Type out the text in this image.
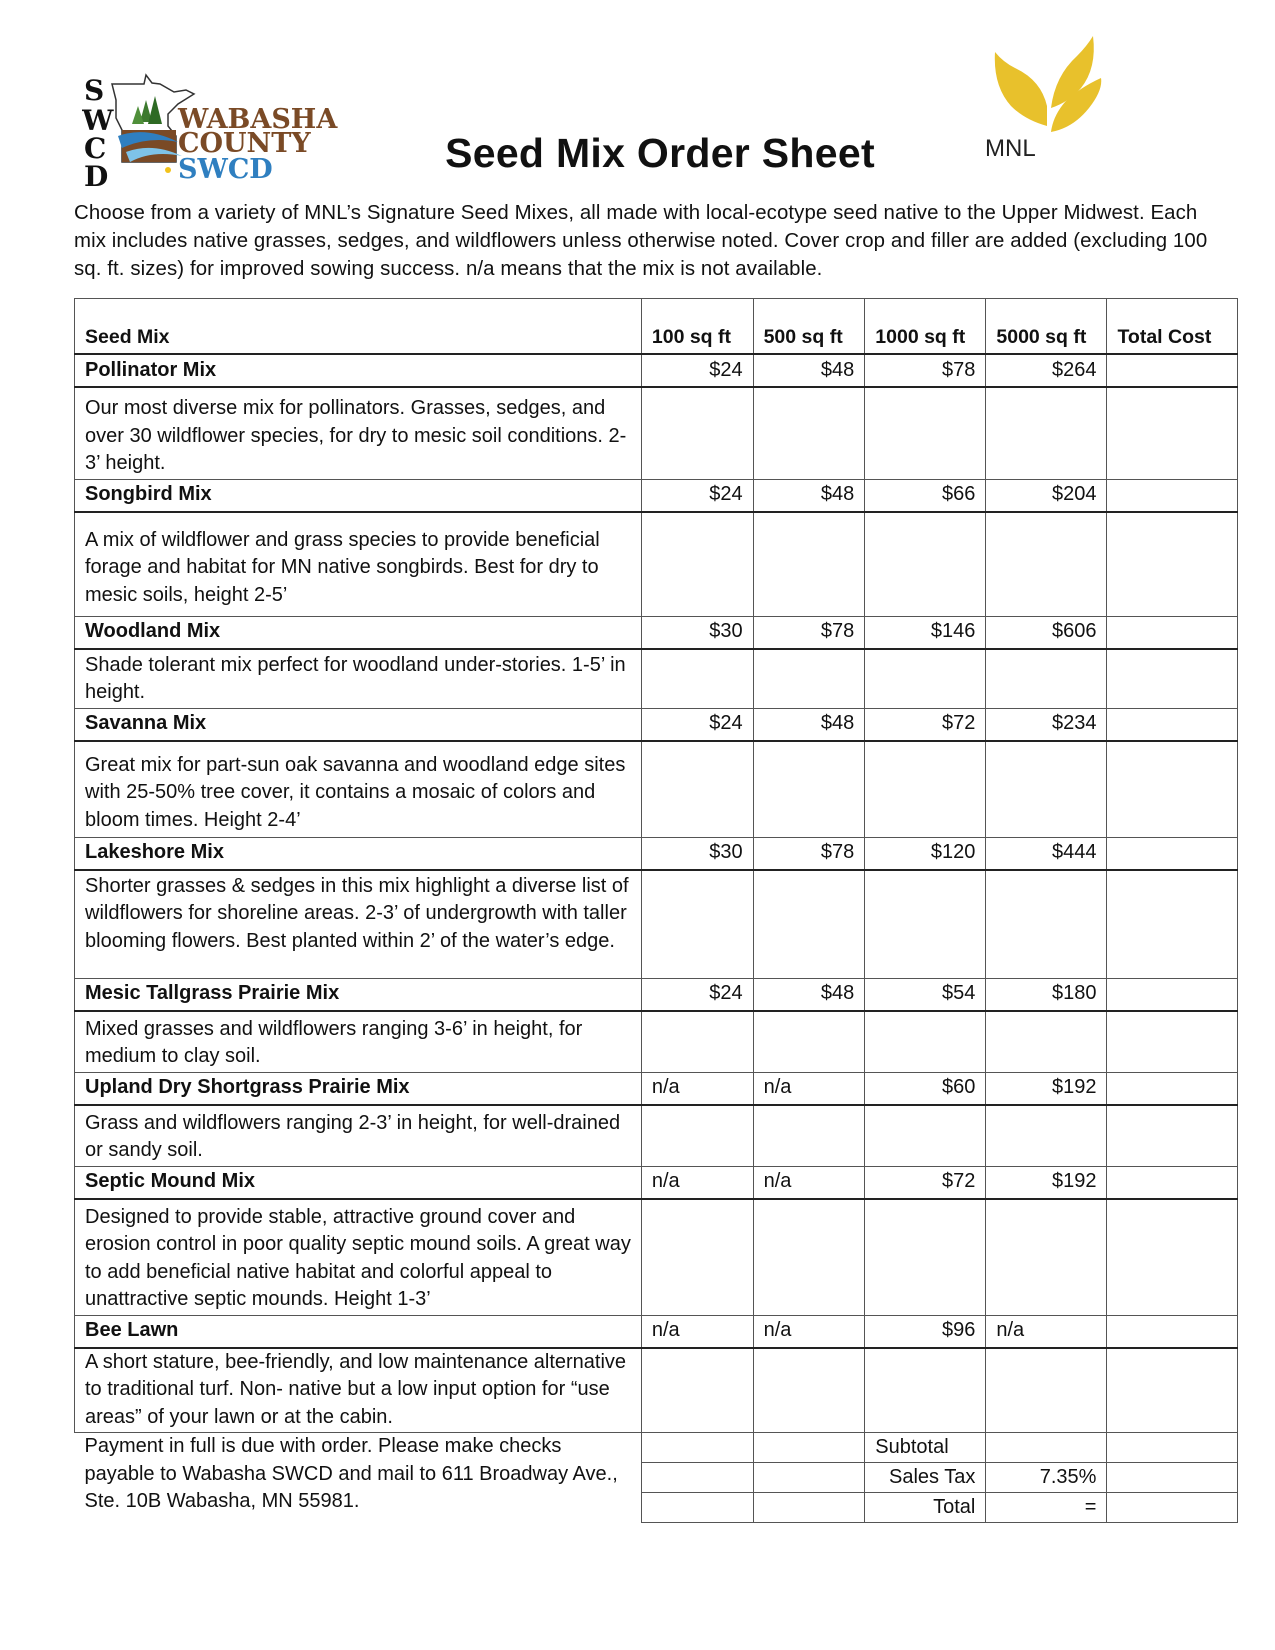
S
W
C
D
WABASHA
COUNTY
SWCD	Seed Mix Order Sheet	MNL
Choose from a variety of MNL’s Signature Seed Mixes, all made with local-ecotype seed native to the Upper Midwest. Each mix includes native grasses, sedges, and wildflowers unless otherwise noted. Cover crop and filler are added (excluding 100 sq. ft. sizes) for improved sowing success. n/a means that the mix is not available.
Seed Mix	100 sq ft	500 sq ft	1000 sq ft	5000 sq ft	Total Cost
Pollinator Mix	$24	$48	$78	$264	
Our most diverse mix for pollinators. Grasses, sedges, and over 30 wildflower species, for dry to mesic soil conditions. 2-3’ height.					
Songbird Mix	$24	$48	$66	$204	
A mix of wildflower and grass species to provide beneficial forage and habitat for MN native songbirds. Best for dry to mesic soils, height 2-5’					
Woodland Mix	$30	$78	$146	$606	
Shade tolerant mix perfect for woodland under-stories. 1-5’ in height.					
Savanna Mix	$24	$48	$72	$234	
Great mix for part-sun oak savanna and woodland edge sites with 25-50% tree cover, it contains a mosaic of colors and bloom times. Height 2-4’					
Lakeshore Mix	$30	$78	$120	$444	
Shorter grasses & sedges in this mix highlight a diverse list of wildflowers for shoreline areas. 2-3’ of undergrowth with taller blooming flowers. Best planted within 2’ of the water’s edge.					
Mesic Tallgrass Prairie Mix	$24	$48	$54	$180	
Mixed grasses and wildflowers ranging 3-6’ in height, for medium to clay soil.					
Upland Dry Shortgrass Prairie Mix	n/a	n/a	$60	$192	
Grass and wildflowers ranging 2-3’ in height, for well-drained or sandy soil.					
Septic Mound Mix	n/a	n/a	$72	$192	
Designed to provide stable, attractive ground cover and erosion control in poor quality septic mound soils. A great way to add beneficial native habitat and colorful appeal to unattractive septic mounds. Height 1-3’					
Bee Lawn	n/a	n/a	$96	n/a	
A short stature, bee-friendly, and low maintenance alternative to traditional turf. Non- native but a low input option for “use areas” of your lawn or at the cabin.					
Payment in full is due with order. Please make checks payable to Wabasha SWCD and mail to 611 Broadway Ave., Ste. 10B Wabasha, MN 55981.			Subtotal		
			Sales Tax	7.35%	
			Total	=	
